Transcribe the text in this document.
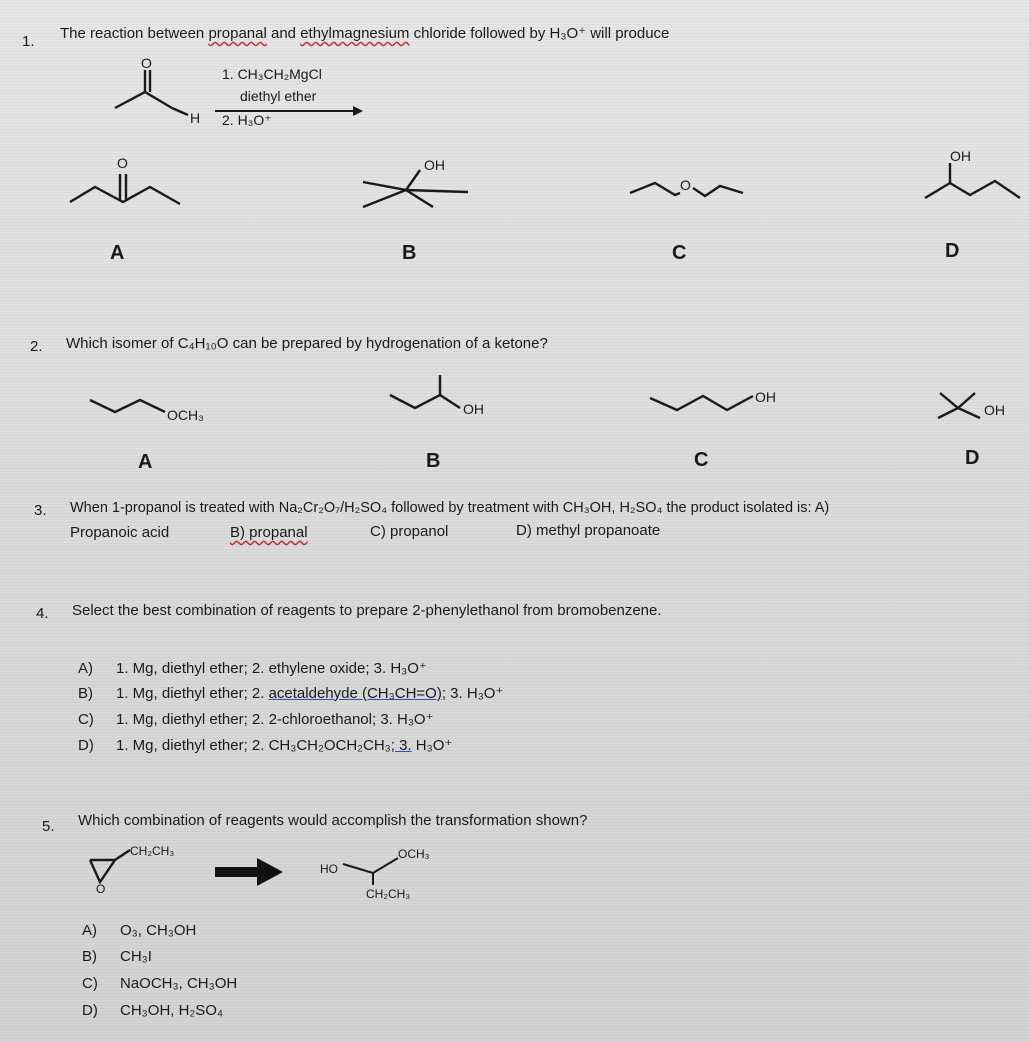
1. The reaction between propanal and ethylmagnesium chloride followed by H₃O⁺ will produce
O
H
1. CH₃CH₂MgCl
diethyl ether
2. H₃O⁺
O	OH
O
OH
A	B	C	D
2. Which isomer of C₄H₁₀O can be prepared by hydrogenation of a ketone?
OCH₃	OH
OH
OH
A	B	C	D
3. When 1-propanol is treated with Na₂Cr₂O₇/H₂SO₄ followed by treatment with CH₃OH, H₂SO₄ the product isolated is: A)
Propanoic acid	B) propanal	C) propanol	D) methyl propanoate
4. Select the best combination of reagents to prepare 2-phenylethanol from bromobenzene.
A) 1. Mg, diethyl ether; 2. ethylene oxide; 3. H₃O⁺
B) 1. Mg, diethyl ether; 2. acetaldehyde (CH₃CH=O); 3. H₃O⁺
C) 1. Mg, diethyl ether; 2. 2-chloroethanol; 3. H₃O⁺
D) 1. Mg, diethyl ether; 2. CH₃CH₂OCH₂CH₃; 3. H₃O⁺
5. Which combination of reagents would accomplish the transformation shown?
CH₂CH₃
O
HO
OCH₃
CH₂CH₃
A) O₃, CH₃OH
B) CH₃I
C) NaOCH₃, CH₃OH
D) CH₃OH, H₂SO₄
